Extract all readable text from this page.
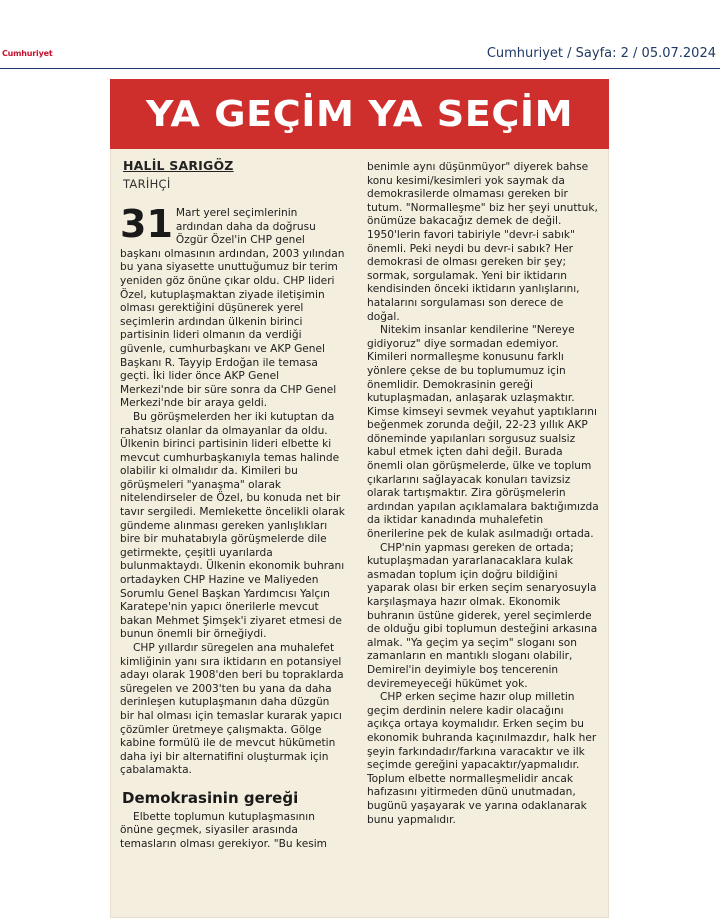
Cumhuriyet	Cumhuriyet / Sayfa: 2 / 05.07.2024
YA GEÇİM YA SEÇİM
HALİL SARIGÖZ
TARİHÇİ

31 Mart yerel seçimlerinin ardından daha da doğrusu Özgür Özel'in CHP genel başkanı olmasının ardından, 2003 yılından bu yana siyasette unuttuğumuz bir terim yeniden göz önüne çıkar oldu. CHP lideri Özel, kutuplaşmaktan ziyade iletişimin olması gerektiğini düşünerek yerel seçimlerin ardından ülkenin birinci partisinin lideri olmanın da verdiği güvenle, cumhurbaşkanı ve AKP Genel Başkanı R. Tayyip Erdoğan ile temasa geçti. İki lider önce AKP Genel Merkezi'nde bir süre sonra da CHP Genel Merkezi'nde bir araya geldi.

Bu görüşmelerden her iki kutuptan da rahatsız olanlar da olmayanlar da oldu. Ülkenin birinci partisinin lideri elbette ki mevcut cumhurbaşkanıyla temas halinde olabilir ki olmalıdır da. Kimileri bu görüşmeleri "yanaşma" olarak nitelendirseler de Özel, bu konuda net bir tavır sergiledi. Memlekette öncelikli olarak gündeme alınması gereken yanlışlıkları bire bir muhatabıyla görüşmelerde dile getirmekte, çeşitli uyarılarda bulunmaktaydı. Ülkenin ekonomik buhranı ortadayken CHP Hazine ve Maliyeden Sorumlu Genel Başkan Yardımcısı Yalçın Karatepe'nin yapıcı önerilerle mevcut bakan Mehmet Şimşek'i ziyaret etmesi de bunun önemli bir örneğiydi.

CHP yıllardır süregelen ana muhalefet kimliğinin yanı sıra iktidarın en potansiyel adayı olarak 1908'den beri bu topraklarda süregelen ve 2003'ten bu yana da daha derinleşen kutuplaşmanın daha düzgün bir hal olması için temaslar kurarak yapıcı çözümler üretmeye çalışmakta. Gölge kabine formülü ile de mevcut hükümetin daha iyi bir alternatifini oluşturmak için çabalamakta.

Demokrasinin gereği

Elbette toplumun kutuplaşmasının önüne geçmek, siyasiler arasında temasların olması gerekiyor. "Bu kesim

benimle aynı düşünmüyor" diyerek bahse konu kesimi/kesimleri yok saymak da demokrasilerde olmaması gereken bir tutum. "Normalleşme" biz her şeyi unuttuk, önümüze bakacağız demek de değil. 1950'lerin favori tabiriyle "devr-i sabık" önemli. Peki neydi bu devr-i sabık? Her demokrasi de olması gereken bir şey; sormak, sorgulamak. Yeni bir iktidarın kendisinden önceki iktidarın yanlışlarını, hatalarını sorgulaması son derece de doğal.

Nitekim insanlar kendilerine "Nereye gidiyoruz" diye sormadan edemiyor. Kimileri normalleşme konusunu farklı yönlere çekse de bu toplumumuz için önemlidir. Demokrasinin gereği kutuplaşmadan, anlaşarak uzlaşmaktır. Kimse kimseyi sevmek veyahut yaptıklarını beğenmek zorunda değil, 22-23 yıllık AKP döneminde yapılanları sorgusuz sualsiz kabul etmek içten dahi değil. Burada önemli olan görüşmelerde, ülke ve toplum çıkarlarını sağlayacak konuları tavizsiz olarak tartışmaktır. Zira görüşmelerin ardından yapılan açıklamalara baktığımızda da iktidar kanadında muhalefetin önerilerine pek de kulak asılmadığı ortada.

CHP'nin yapması gereken de ortada; kutuplaşmadan yararlanacaklara kulak asmadan toplum için doğru bildiğini yaparak olası bir erken seçim senaryosuyla karşılaşmaya hazır olmak. Ekonomik buhranın üstüne giderek, yerel seçimlerde de olduğu gibi toplumun desteğini arkasına almak. "Ya geçim ya seçim" sloganı son zamanların en mantıklı sloganı olabilir, Demirel'in deyimiyle boş tencerenin deviremeyeceği hükümet yok.

CHP erken seçime hazır olup milletin geçim derdinin nelere kadir olacağını açıkça ortaya koymalıdır. Erken seçim bu ekonomik buhranda kaçınılmazdır, halk her şeyin farkındadır/farkına varacaktır ve ilk seçimde gereğini yapacaktır/yapmalıdır. Toplum elbette normalleşmelidir ancak hafızasını yitirmeden dünü unutmadan, bugünü yaşayarak ve yarına odaklanarak bunu yapmalıdır.
